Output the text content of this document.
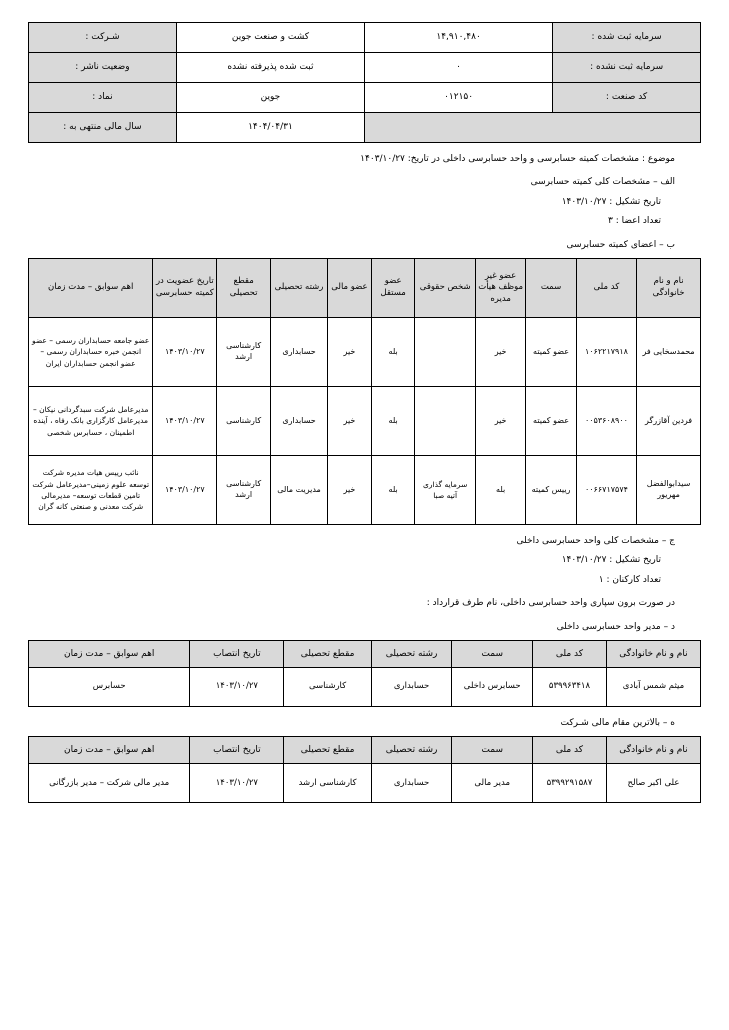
سرمایه ثبت شده :	۱۴,۹۱۰,۴۸۰	کشت و صنعت جوین	شـرکت :
سرمایه ثبت نشده :	۰	ثبت شده پذیرفته نشده	وضعیت ناشر :
کد صنعت :	۰۱۲۱۵۰	جوین	نماد :
		۱۴۰۴/۰۴/۳۱	سال مالی منتهی به :
موضوع : مشخصات کمیته حسابرسی و واحد حسابرسی داخلی در تاریخ: ۱۴۰۳/۱۰/۲۷
الف – مشخصات کلی کمیته حسابرسی
تاریخ تشکیل : ۱۴۰۳/۱۰/۲۷
تعداد اعضا : ۳
ب – اعضای کمیته حسابرسی
نام و نام خانوادگی	کد ملی	سمت	عضو غیر موظف هیأت مدیره	شخص حقوقی	عضو مستقل	عضو مالی	رشته تحصیلی	مقطع تحصیلی	تاریخ عضویت در کمیته حسابرسی	اهم سوابق – مدت زمان
محمدسخایی فر	۱۰۶۲۲۱۷۹۱۸	عضو کمیته	خیر		بله	خیر	حسابداری	کارشناسی ارشد	۱۴۰۳/۱۰/۲۷	عضو جامعه حسابداران رسمی – عضو انجمن خبره حسابداران رسمی – عضو انجمن حسابداران ایران
فردین آقازرگر	۰۰۵۳۶۰۸۹۰۰	عضو کمیته	خیر		بله	خیر	حسابداری	کارشناسی	۱۴۰۳/۱۰/۲۷	مدیرعامل شرکت سبدگردانی نیکان – مدیرعامل کارگزاری بانک رفاه ، آینده اطمینان ، حسابرس شخصی
سیدابوالفضل مهریور	۰۰۶۶۷۱۷۵۷۴	رییس کمیته	بله	سرمایه گذاری آتیه صبا	بله	خیر	مدیریت مالی	کارشناسی ارشد	۱۴۰۳/۱۰/۲۷	نائب رییس هیات مدیره شرکت توسعه علوم زمینی–مدیرعامل شرکت تامین قطعات توسعه– مدیرمالی شرکت معدنی و صنعتی کانه گران
ج – مشخصات کلی واحد حسابرسی داخلی
تاریخ تشکیل : ۱۴۰۳/۱۰/۲۷
تعداد کارکنان : ۱
در صورت برون سپاری واحد حسابرسی داخلی، نام طرف قرارداد :
د – مدیر واحد حسابرسی داخلی
نام و نام خانوادگی	کد ملی	سمت	رشته تحصیلی	مقطع تحصیلی	تاریخ انتصاب	اهم سوابق – مدت زمان
میثم شمس آبادی	۵۳۹۹۶۳۴۱۸	حسابرس داخلی	حسابداری	کارشناسی	۱۴۰۳/۱۰/۲۷	حسابرس
ه – بالاترین مقام مالی شـرکت
نام و نام خانوادگی	کد ملی	سمت	رشته تحصیلی	مقطع تحصیلی	تاریخ انتصاب	اهم سوابق – مدت زمان
علی اکبر صالح	۵۳۹۹۲۹۱۵۸۷	مدیر مالی	حسابداری	کارشناسی ارشد	۱۴۰۳/۱۰/۲۷	مدیر مالی شرکت – مدیر بازرگانی
